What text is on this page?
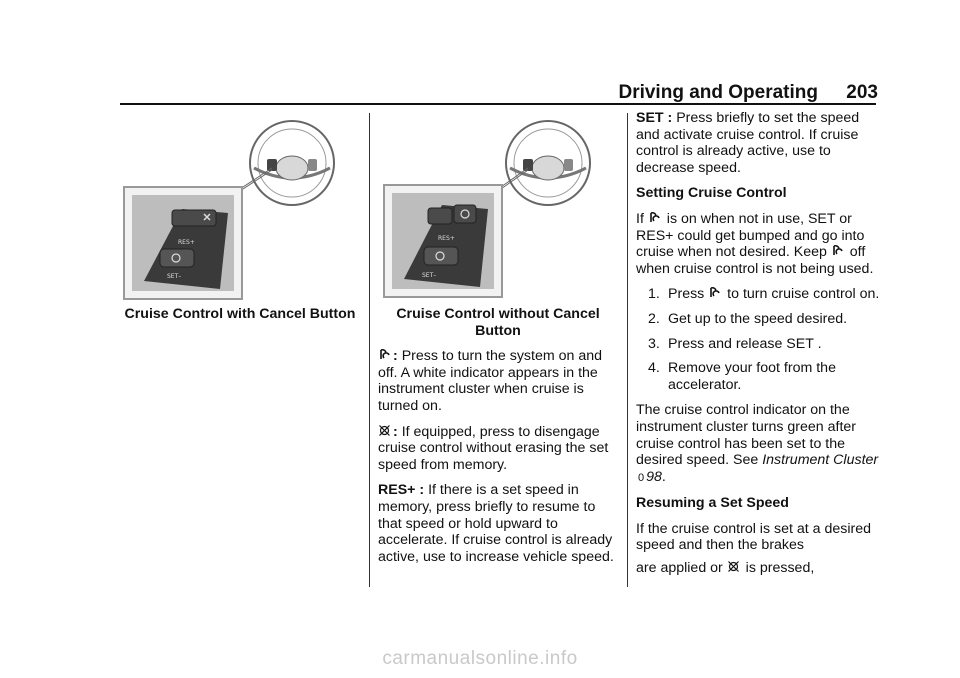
Driving and Operating 203
RES+
SET–
Cruise Control with Cancel Button
RES+
SET–
Cruise Control without Cancel Button

: Press to turn the system on and off. A white indicator appears in the instrument cluster when cruise is turned on.

: If equipped, press to disengage cruise control without erasing the set speed from memory.

RES+ : If there is a set speed in memory, press briefly to resume to that speed or hold upward to accelerate. If cruise control is already active, use to increase vehicle speed.

SET : Press briefly to set the speed and activate cruise control. If cruise control is already active, use to decrease speed.

Setting Cruise Control

If is on when not in use, SET or RES+ could get bumped and go into cruise when not desired. Keep off when cruise control is not being used.

1. Press to turn cruise control on.
2. Get up to the speed desired.
3. Press and release SET .
4. Remove your foot from the accelerator.

The cruise control indicator on the instrument cluster turns green after cruise control has been set to the desired speed. See Instrument Cluster 0 98.

Resuming a Set Speed

If the cruise control is set at a desired speed and then the brakes

are applied or is pressed,

carmanualsonline.info
